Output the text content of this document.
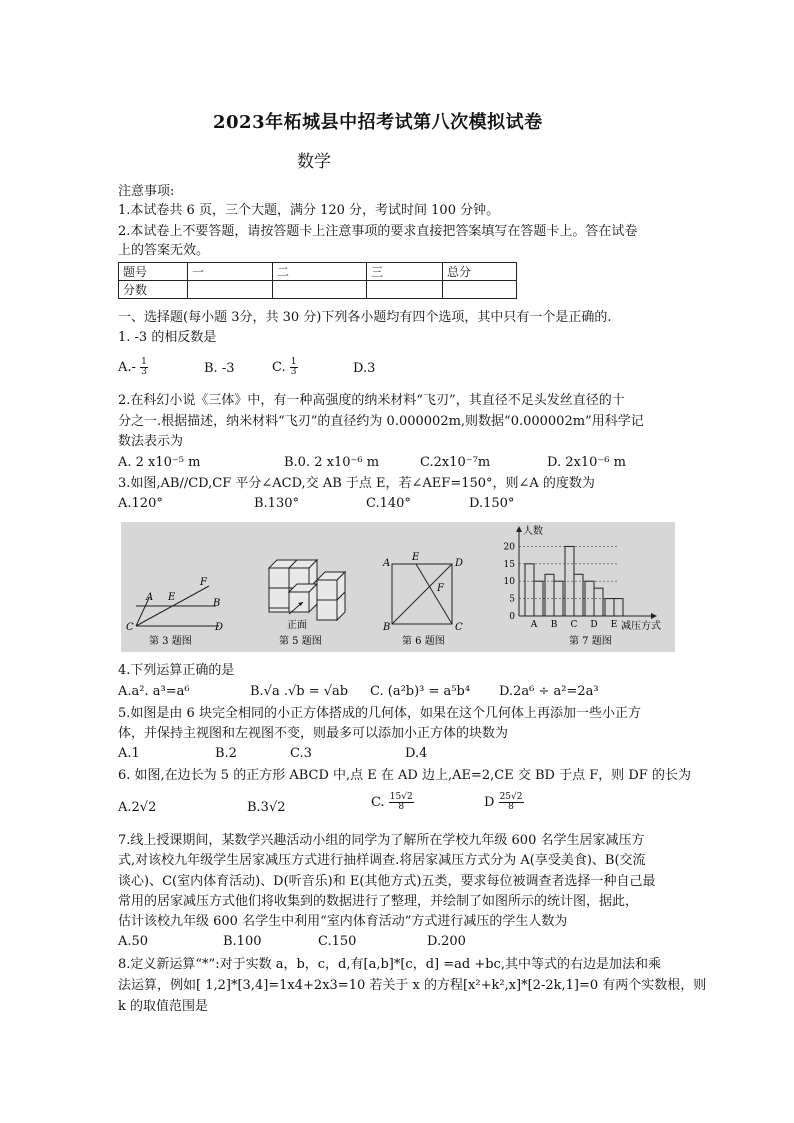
2023年柘城县中招考试第八次模拟试卷
数学
注意事项:
1.本试卷共 6 页，三个大题，满分 120 分，考试时间 100 分钟。
2.本试卷上不要答题，请按答题卡上注意事项的要求直接把答案填写在答题卡上。答在试卷
上的答案无效。
题号	一	二	三	总分
分数				
一、选择题(每小题 3分，共 30 分)下列各小题均有四个选项，其中只有一个是正确的.
1. -3 的相反数是
$A.- \frac{1}{3}$	B. -3	C. $\frac{1}{3}$	D.3
2.在科幻小说《三体》中，有一种高强度的纳米材料“飞刃”，其直径不足头发丝直径的十
分之一.根据描述，纳米材料“飞刃”的直径约为 0.000002m,则数据“0.000002m”用科学记
数法表示为
A. 2 x10⁻⁵ m	B.0. 2 x10⁻⁶ m	C.2x10⁻⁷m	D. 2x10⁻⁶ m
3.如图,AB//CD,CF 平分∠ACD,交 AB 于点 E，若∠AEF=150°，则∠A 的度数为
A.120°	B.130°	C.140°	D.150°
F
A E
B
C	D
第 3 题图
正面
第 5 题图
A
E
D
F
B	C
第 6 题图
0
5
10
15
20
人数
A B C D E 减压方式
第 7 题图
4.下列运算正确的是
A.a². a³=a⁶	B.√a .√b = √ab C. (a²b)³ = a⁵b⁴ D.2a⁶ ÷ a²=2a³
5.如图是由 6 块完全相同的小正方体搭成的几何体，如果在这个几何体上再添加一些小正方
体，并保持主视图和左视图不变，则最多可以添加小正方体的块数为
A.1	B.2	C.3	D.4
6. 如图,在边长为 5 的正方形 ABCD 中,点 E 在 AD 边上,AE=2,CE 交 BD 于点 F，则 DF 的长为
A.2√2	B.3√2	C. $\frac{15√2}{8}$	D $\frac{25√2}{8}$
7.线上授课期间，某数学兴趣活动小组的同学为了解所在学校九年级 600 名学生居家减压方
式,对该校九年级学生居家减压方式进行抽样调查.将居家减压方式分为 A(享受美食)、B(交流
谈心)、C(室内体育活动)、D(听音乐)和 E(其他方式)五类，要求每位被调查者选择一种自己最
常用的居家减压方式他们将收集到的数据进行了整理，并绘制了如图所示的统计图，据此，
估计该校九年级 600 名学生中利用“室内体育活动”方式进行减压的学生人数为
A.50	B.100	C.150	D.200
8.定义新运算“*”:对于实数 a，b，c，d,有[a,b]*[c，d] =ad +bc,其中等式的右边是加法和乘
法运算，例如[ 1,2]*[3,4]=1x4+2x3=10 若关于 x 的方程[x²+k²,x]*[2-2k,1]=0 有两个实数根，则
k 的取值范围是
